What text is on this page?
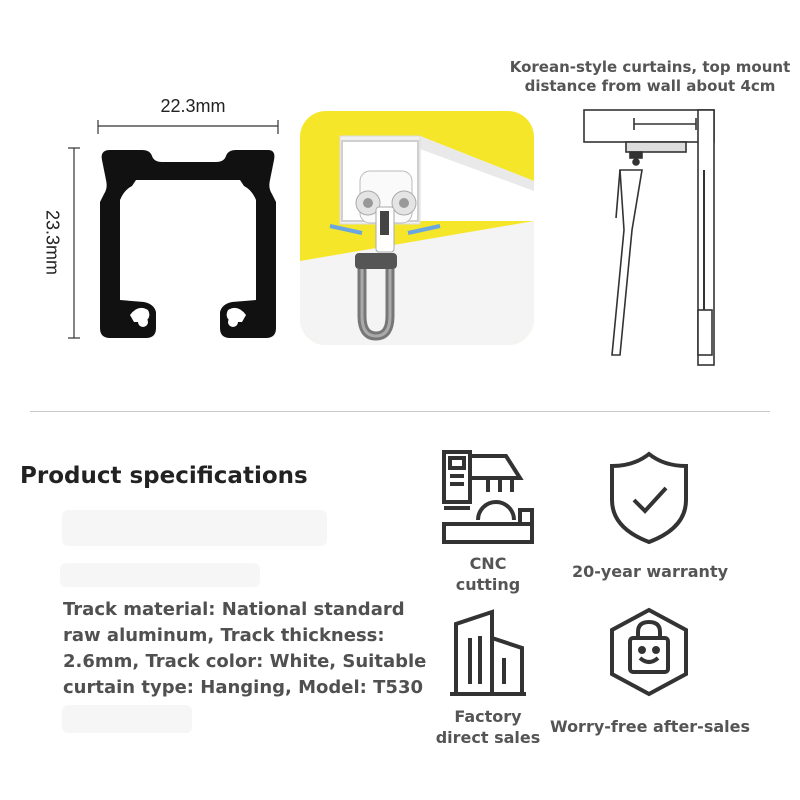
22.3mm
23.3mm
Korean-style curtains, top mount
distance from wall about 4cm
Product specifications
Track material: National standard
raw aluminum, Track thickness:
2.6mm, Track color: White, Suitable
curtain type: Hanging, Model: T530
CNC
cutting
20-year warranty
Factory
direct sales
Worry-free after-sales
